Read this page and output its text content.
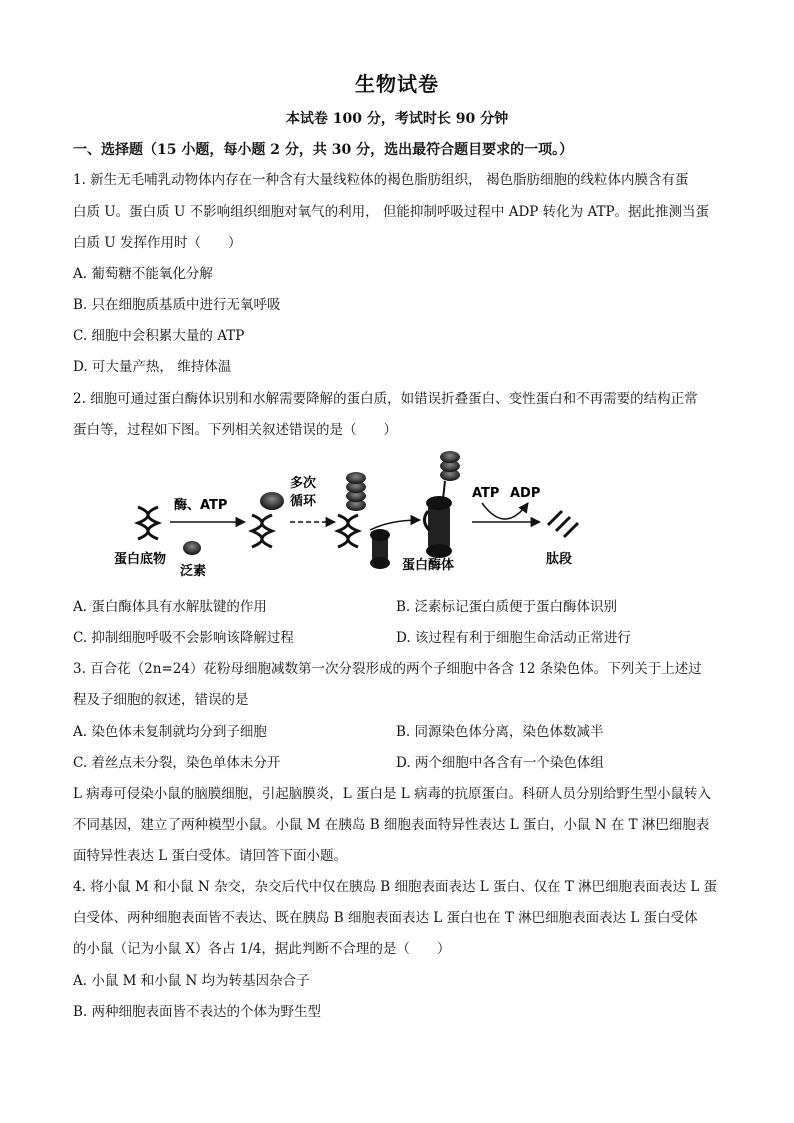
生物试卷
本试卷 100 分，考试时长 90 分钟
一、选择题（15 小题，每小题 2 分，共 30 分，选出最符合题目要求的一项。）
1. 新生无毛哺乳动物体内存在一种含有大量线粒体的褐色脂肪组织， 褐色脂肪细胞的线粒体内膜含有蛋
白质 U。蛋白质 U 不影响组织细胞对氧气的利用， 但能抑制呼吸过程中 ADP 转化为 ATP。据此推测当蛋
白质 U 发挥作用时（　　）
A. 葡萄糖不能氧化分解
B. 只在细胞质基质中进行无氧呼吸
C. 细胞中会积累大量的 ATP
D. 可大量产热， 维持体温
2. 细胞可通过蛋白酶体识别和水解需要降解的蛋白质，如错误折叠蛋白、变性蛋白和不再需要的结构正常
蛋白等，过程如下图。下列相关叙述错误的是（　　）
蛋白底物
酶、ATP
泛素
多次
循环
蛋白酶体
ATP ADP
肽段
A. 蛋白酶体具有水解肽键的作用	B. 泛素标记蛋白质便于蛋白酶体识别
C. 抑制细胞呼吸不会影响该降解过程	D. 该过程有利于细胞生命活动正常进行
3. 百合花（2n=24）花粉母细胞减数第一次分裂形成的两个子细胞中各含 12 条染色体。下列关于上述过
程及子细胞的叙述，错误的是
A. 染色体未复制就均分到子细胞	B. 同源染色体分离，染色体数减半
C. 着丝点未分裂，染色单体未分开	D. 两个细胞中各含有一个染色体组
L 病毒可侵染小鼠的脑膜细胞，引起脑膜炎，L 蛋白是 L 病毒的抗原蛋白。科研人员分别给野生型小鼠转入
不同基因，建立了两种模型小鼠。小鼠 M 在胰岛 B 细胞表面特异性表达 L 蛋白，小鼠 N 在 T 淋巴细胞表
面特异性表达 L 蛋白受体。请回答下面小题。
4. 将小鼠 M 和小鼠 N 杂交，杂交后代中仅在胰岛 B 细胞表面表达 L 蛋白、仅在 T 淋巴细胞表面表达 L 蛋
白受体、两种细胞表面皆不表达、既在胰岛 B 细胞表面表达 L 蛋白也在 T 淋巴细胞表面表达 L 蛋白受体
的小鼠（记为小鼠 X）各占 1/4，据此判断不合理的是（　　）
A. 小鼠 M 和小鼠 N 均为转基因杂合子
B. 两种细胞表面皆不表达的个体为野生型
